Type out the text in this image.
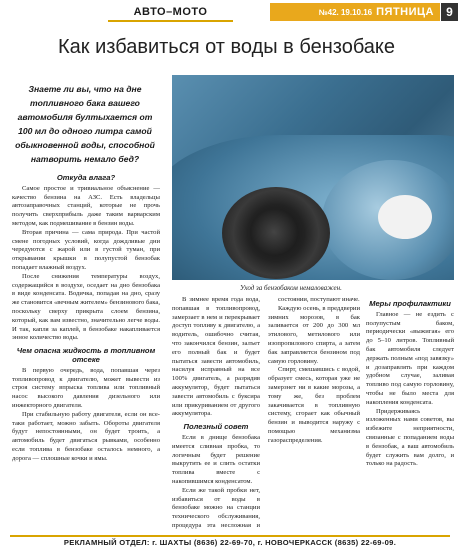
АВТО–МОТО	№42. 19.10.16 ПЯТНИЦА	9
Как избавиться от воды в бензобаке
Знаете ли вы, что на дне топливного бака вашего автомобиля бултыхается от 100 мл до одного литра самой обыкновенной воды, способной натворить немало бед?
Уход за бензобаком немаловажен.

Откуда влага?

Самое простое и тривиальное объяснение — качество бензина на АЗС. Есть владельцы автозаправочных станций, которые не прочь получить сверхприбыль даже таким варварским методом, как подмешивание в бензин воды.

Вторая причина — сама природа. При частой смене погодных условий, когда дождливые дни чередуются с жарой или в густой туман, при открывании крышки в полупустой бензобак попадает влажный воздух.

После снижения температуры воздух, содержащийся в воздухе, оседает на дно бензобака в виде конденсата. Водичка, попадая на дно, сразу же становится «вечным жителем» бензинового бака, поскольку сверху прикрыта слоем бензина, который, как вам известно, значительно легче воды. И так, капля за каплей, в бензобаке накапливается энное количество воды.

Чем опасна жидкость в топливном отсеке

В первую очередь, вода, попавшая через топливопровод к двигателю, может вывести из строя систему впрыска топлива или топливный насос высокого давления дизельного или инжекторного двигателя.

При стабильную работу двигателя, если он все-таки работает, можно забыть. Обороты двигателя будут непостоянными, он будет троить, а автомобиль будет двигаться рывками, особенно если топлива в бензобаке осталось немного, а дорога — сплошные кочки и ямы.

В зимнее время года вода, попавшая в топливопровод, замерзает в нем и перекрывает доступ топливу к двигателю, а водитель, ошибочно считая, что закончился бензин, залъет его полный бак и будет пытаться завести автомобиль, насилуя исправный на все 100% двигатель, а разрядив аккумулятор, будет пытаться завести автомобиль с буксира или прикуриванием от другого аккумулятора.

Полезный совет

Если в днище бензобака имеется сливная пробка, то логичным будет решение выкрутить ее и слить остатки топлива вместе с накопившимся конденсатом.

Если же такой пробки нет, избавиться от воды в бензобаке можно на станции технического обслуживания, процедура эта несложная и

состоянии, поступают иначе.

Каждую осень, в преддверии зимних морозов, в бак заливается от 200 до 300 мл этилового, метилового или изопропилового спирта, а затем бак заправляется бензином под самую горловину.

Спирт, смешавшись с водой, образует смесь, которая уже не замерзнет ни в какие морозы, а тому же, без проблем закачивается в топливную систему, сгорает как обычный бензин и выводится наружу с помощью механизма газораспределения.

Меры профилактики

Главное — не ездить с полупустым баком, периодически «выжигая» его до 5–10 литров. Топливный бак автомобиля следует держать полным «под завязку» и дозаправлять при каждом удобном случае, заливая топливо под самую горловину, чтобы не было места для накопления конденсата.

Придерживаясь изложенных нами советов, вы избежите неприятности, связанные с попаданием воды в бензобак, а ваш автомобиль будет служить вам долго, и только на радость.

РЕКЛАМНЫЙ ОТДЕЛ: г. ШАХТЫ (8636) 22-69-70, г. НОВОЧЕРКАССК (8635) 22-69-09.
